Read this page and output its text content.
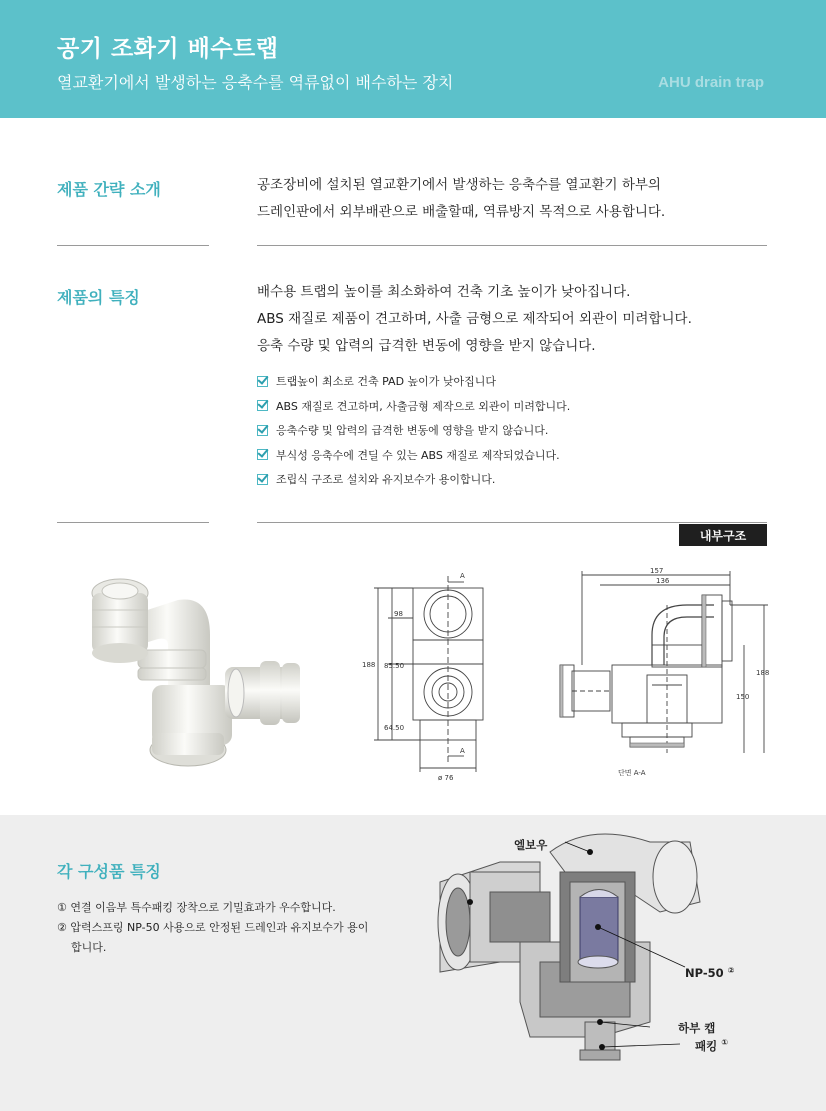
공기 조화기 배수트랩
열교환기에서 발생하는 응축수를 역류없이 배수하는 장치	AHU drain trap
제품 간략 소개	공조장비에 설치된 열교환기에서 발생하는 응축수를 열교환기 하부의
드레인판에서 외부배관으로 배출할때, 역류방지 목적으로 사용합니다.
제품의 특징	배수용 트랩의 높이를 최소화하여 건축 기초 높이가 낮아집니다.
ABS 재질로 제품이 견고하며, 사출 금형으로 제작되어 외관이 미려합니다.
응축 수량 및 압력의 급격한 변동에 영향을 받지 않습니다.
트랩높이 최소로 건축 PAD 높이가 낮아집니다
ABS 재질로 견고하며, 사출금형 제작으로 외관이 미려합니다.
응축수량 및 압력의 급격한 변동에 영향을 받지 않습니다.
부식성 응축수에 견딜 수 있는 ABS 재질로 제작되었습니다.
조립식 구조로 설치와 유지보수가 용이합니다.
내부구조
188
98
85.50
64.50
ø 76
A
A
157
136
150
188
단면 A-A
각 구성품 특징
① 연결 이음부 특수패킹 장착으로 기밀효과가 우수합니다.
② 압력스프링 NP-50 사용으로 안정된 드레인과 유지보수가 용이합니다.
엘보우
NP-50 ②
하부 캡
패킹 ①
